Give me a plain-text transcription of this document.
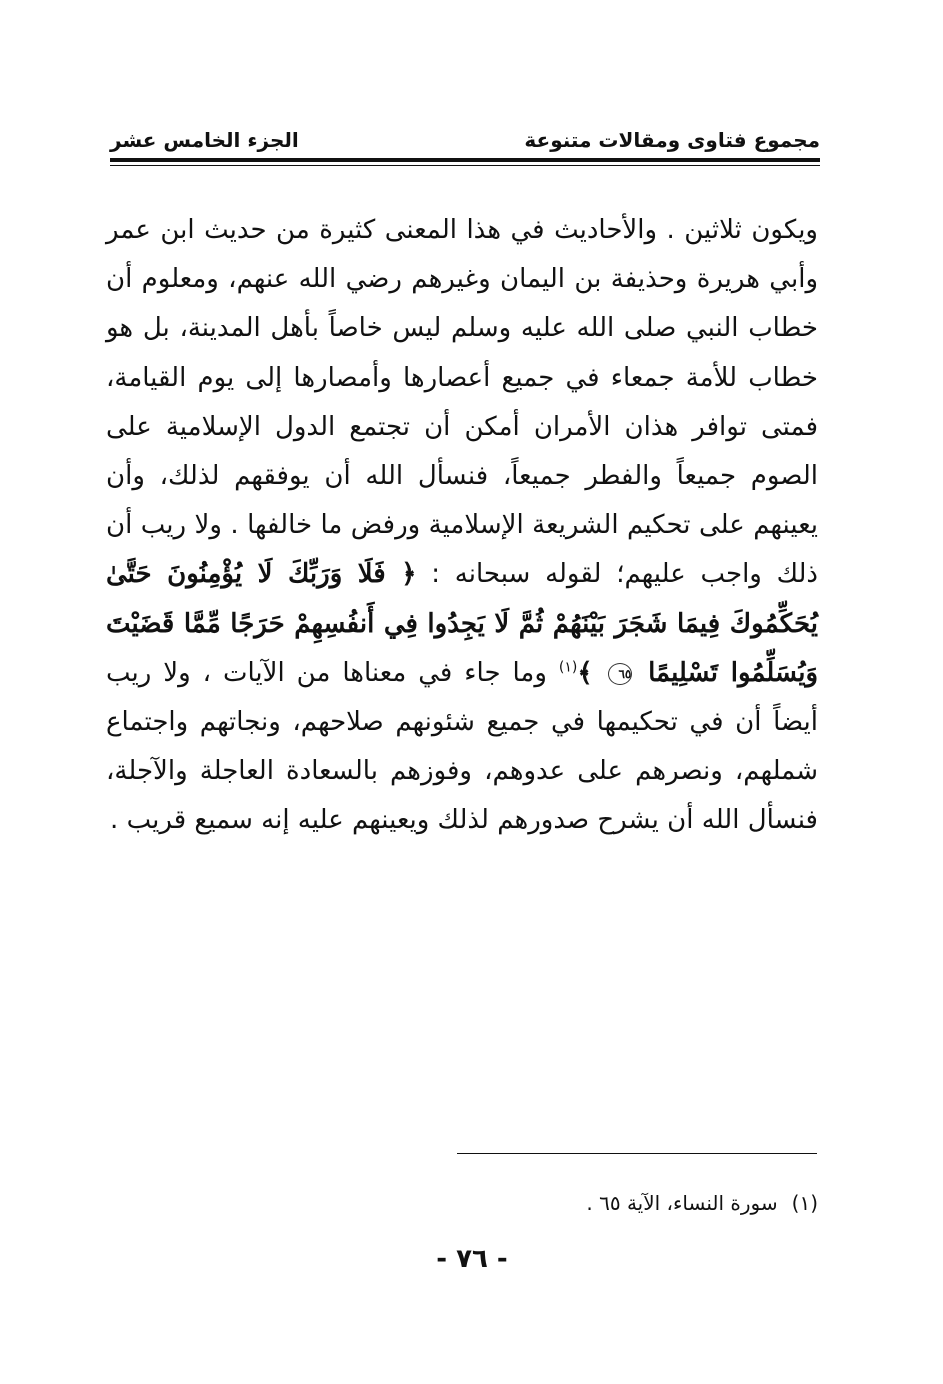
مجموع فتاوى ومقالات متنوعة
الجزء الخامس عشر
ويكون ثلاثين . والأحاديث في هذا المعنى كثيرة من حديث ابن عمر وأبي هريرة وحذيفة بن اليمان وغيرهم رضي الله عنهم، ومعلوم أن خطاب النبي صلى الله عليه وسلم ليس خاصاً بأهل المدينة، بل هو خطاب للأمة جمعاء في جميع أعصارها وأمصارها إلى يوم القيامة، فمتى توافر هذان الأمران أمكن أن تجتمع الدول الإسلامية على الصوم جميعاً والفطر جميعاً، فنسأل الله أن يوفقهم لذلك، وأن يعينهم على تحكيم الشريعة الإسلامية ورفض ما خالفها . ولا ريب أن ذلك واجب عليهم؛ لقوله سبحانه : ﴿ فَلَا وَرَبِّكَ لَا يُؤْمِنُونَ حَتَّىٰ يُحَكِّمُوكَ فِيمَا شَجَرَ بَيْنَهُمْ ثُمَّ لَا يَجِدُوا فِي أَنفُسِهِمْ حَرَجًا مِّمَّا قَضَيْتَ وَيُسَلِّمُوا تَسْلِيمًا ٦٥ ﴾$^{(١)}$ وما جاء في معناها من الآيات ، ولا ريب أيضاً أن في تحكيمها في جميع شئونهم صلاحهم، ونجاتهم واجتماع شملهم، ونصرهم على عدوهم، وفوزهم بالسعادة العاجلة والآجلة، فنسأل الله أن يشرح صدورهم لذلك ويعينهم عليه إنه سميع قريب .
(١)سورة النساء، الآية ٦٥ .
- ٧٦ -
